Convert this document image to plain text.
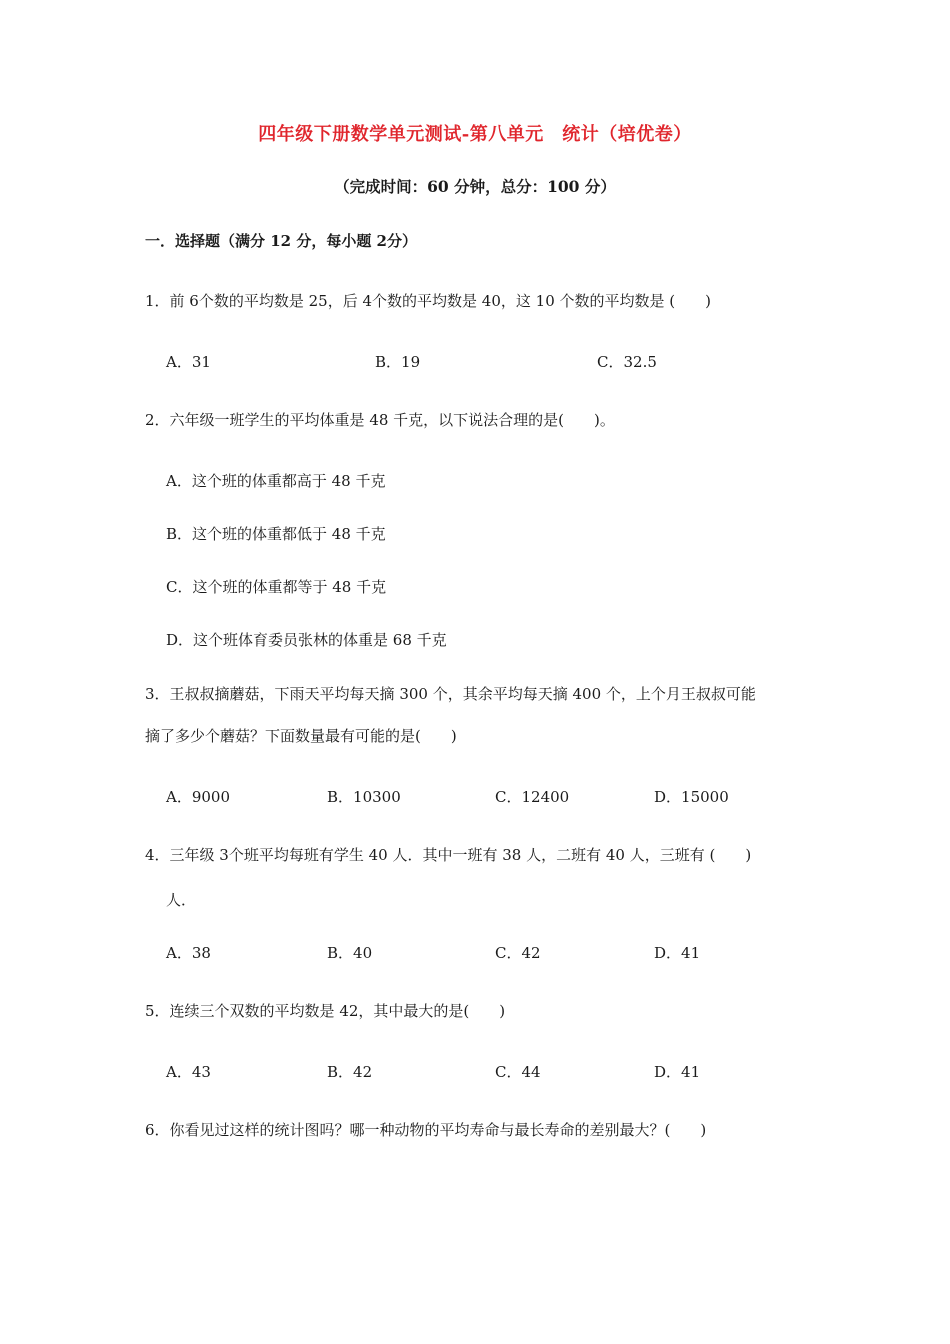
四年级下册数学单元测试-第八单元　统计（培优卷）
（完成时间：60 分钟，总分：100 分）
一．选择题（满分 12 分，每小题 2分）
1．前 6个数的平均数是 25，后 4个数的平均数是 40，这 10 个数的平均数是 (　　)
A．31	B．19	C．32.5
2．六年级一班学生的平均体重是 48 千克，以下说法合理的是(　　)。
A．这个班的体重都高于 48 千克
B．这个班的体重都低于 48 千克
C．这个班的体重都等于 48 千克
D．这个班体育委员张林的体重是 68 千克
3．王叔叔摘蘑菇，下雨天平均每天摘 300 个，其余平均每天摘 400 个，上个月王叔叔可能
摘了多少个蘑菇？下面数量最有可能的是(　　)
A．9000	B．10300	C．12400	D．15000
4．三年级 3个班平均每班有学生 40 人．其中一班有 38 人，二班有 40 人，三班有 (　　)
人．
A．38	B．40	C．42	D．41
5．连续三个双数的平均数是 42，其中最大的是(　　)
A．43	B．42	C．44	D．41
6．你看见过这样的统计图吗？哪一种动物的平均寿命与最长寿命的差别最大？(　　)
